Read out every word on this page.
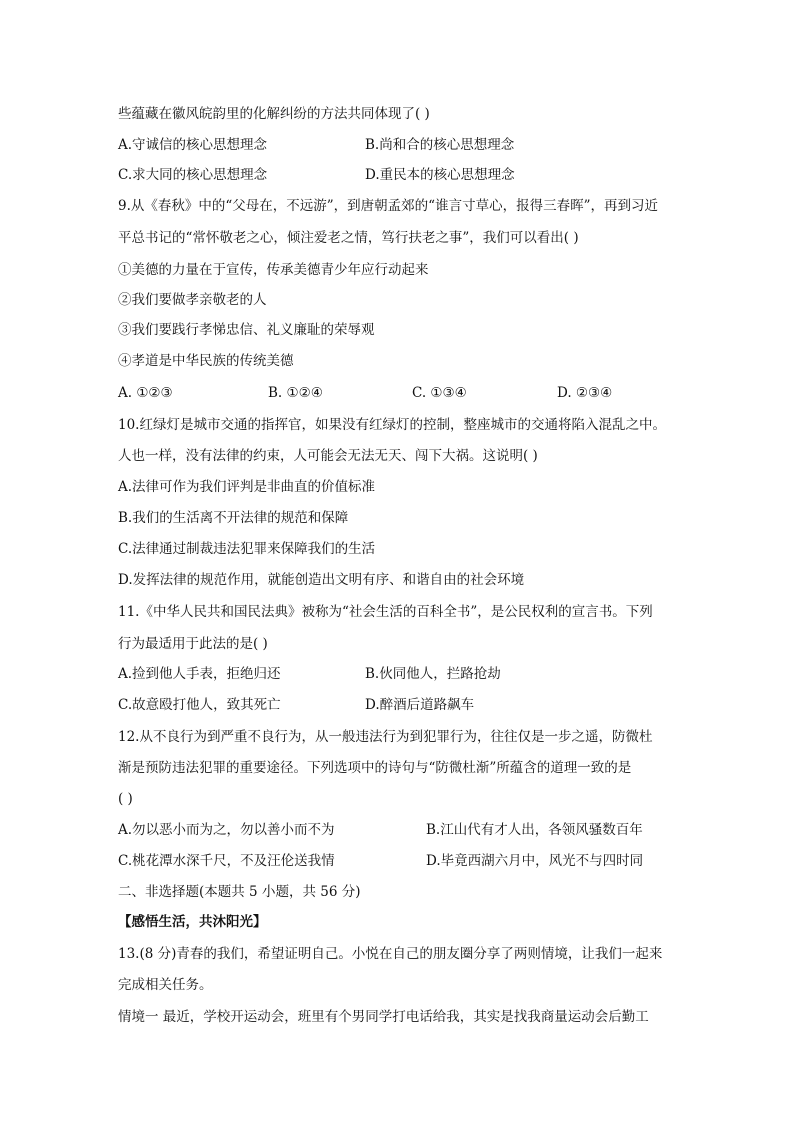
些蕴藏在徽风皖韵里的化解纠纷的方法共同体现了( )
A.守诚信的核心思想理念	B.尚和合的核心思想理念
C.求大同的核心思想理念	D.重民本的核心思想理念
9.从《春秋》中的“父母在，不远游”，到唐朝孟郊的“谁言寸草心，报得三春晖”，再到习近
平总书记的“常怀敬老之心，倾注爱老之情，笃行扶老之事”，我们可以看出( )
①美德的力量在于宣传，传承美德青少年应行动起来
②我们要做孝亲敬老的人
③我们要践行孝悌忠信、礼义廉耻的荣辱观
④孝道是中华民族的传统美德
A. ①②③	B. ①②④	C. ①③④	D. ②③④
10.红绿灯是城市交通的指挥官，如果没有红绿灯的控制，整座城市的交通将陷入混乱之中。
人也一样，没有法律的约束，人可能会无法无天、闯下大祸。这说明( )
A.法律可作为我们评判是非曲直的价值标准
B.我们的生活离不开法律的规范和保障
C.法律通过制裁违法犯罪来保障我们的生活
D.发挥法律的规范作用，就能创造出文明有序、和谐自由的社会环境
11.《中华人民共和国民法典》被称为“社会生活的百科全书”，是公民权利的宣言书。下列
行为最适用于此法的是( )
A.捡到他人手表，拒绝归还	B.伙同他人，拦路抢劫
C.故意殴打他人，致其死亡	D.醉酒后道路飙车
12.从不良行为到严重不良行为，从一般违法行为到犯罪行为，往往仅是一步之遥，防微杜
渐是预防违法犯罪的重要途径。下列选项中的诗句与“防微杜渐”所蕴含的道理一致的是
( )
A.勿以恶小而为之，勿以善小而不为	B.江山代有才人出，各领风骚数百年
C.桃花潭水深千尺，不及汪伦送我情	D.毕竟西湖六月中，风光不与四时同
二、非选择题(本题共 5 小题，共 56 分)
【感悟生活，共沐阳光】
13.(8 分)青春的我们，希望证明自己。小悦在自己的朋友圈分享了两则情境，让我们一起来
完成相关任务。
情境一 最近，学校开运动会，班里有个男同学打电话给我，其实是找我商量运动会后勤工
